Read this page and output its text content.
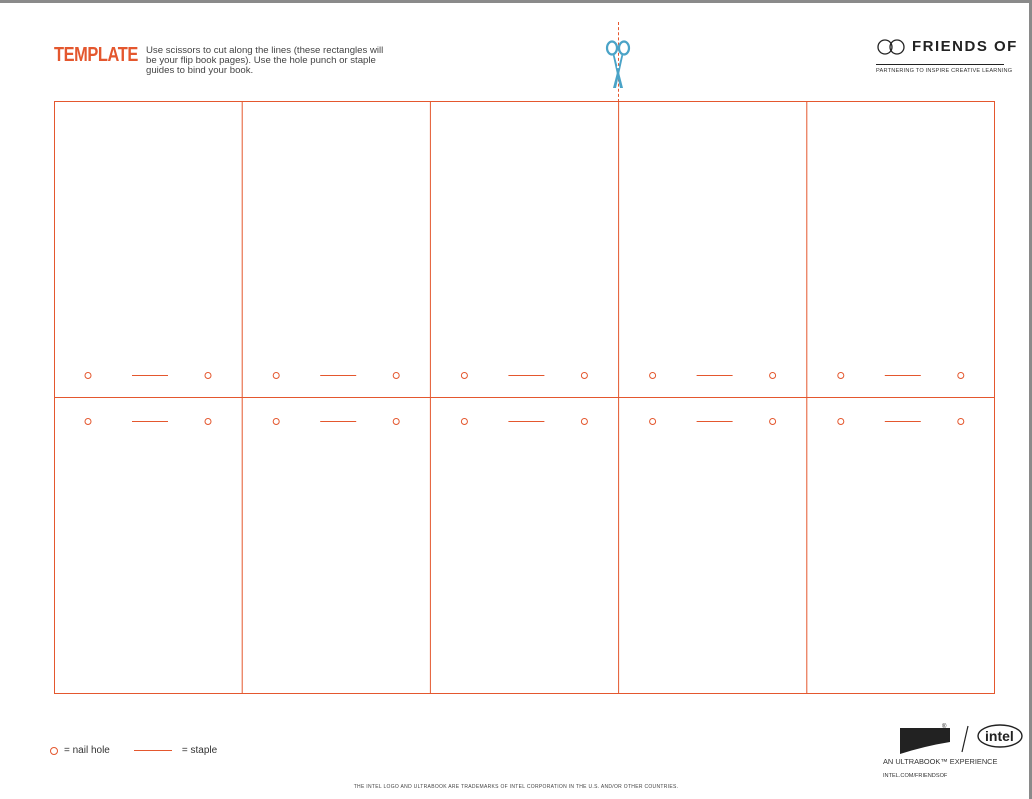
TEMPLATE Use scissors to cut along the lines (these rectangles will be your flip book pages). Use the hole punch or staple guides to bind your book.
FRIENDS OF
PARTNERING TO INSPIRE CREATIVE LEARNING
= nail hole	= staple
®
intel
AN ULTRABOOK™ EXPERIENCE
INTEL.COM/FRIENDSOF
THE INTEL LOGO AND ULTRABOOK ARE TRADEMARKS OF INTEL CORPORATION IN THE U.S. AND/OR OTHER COUNTRIES.
